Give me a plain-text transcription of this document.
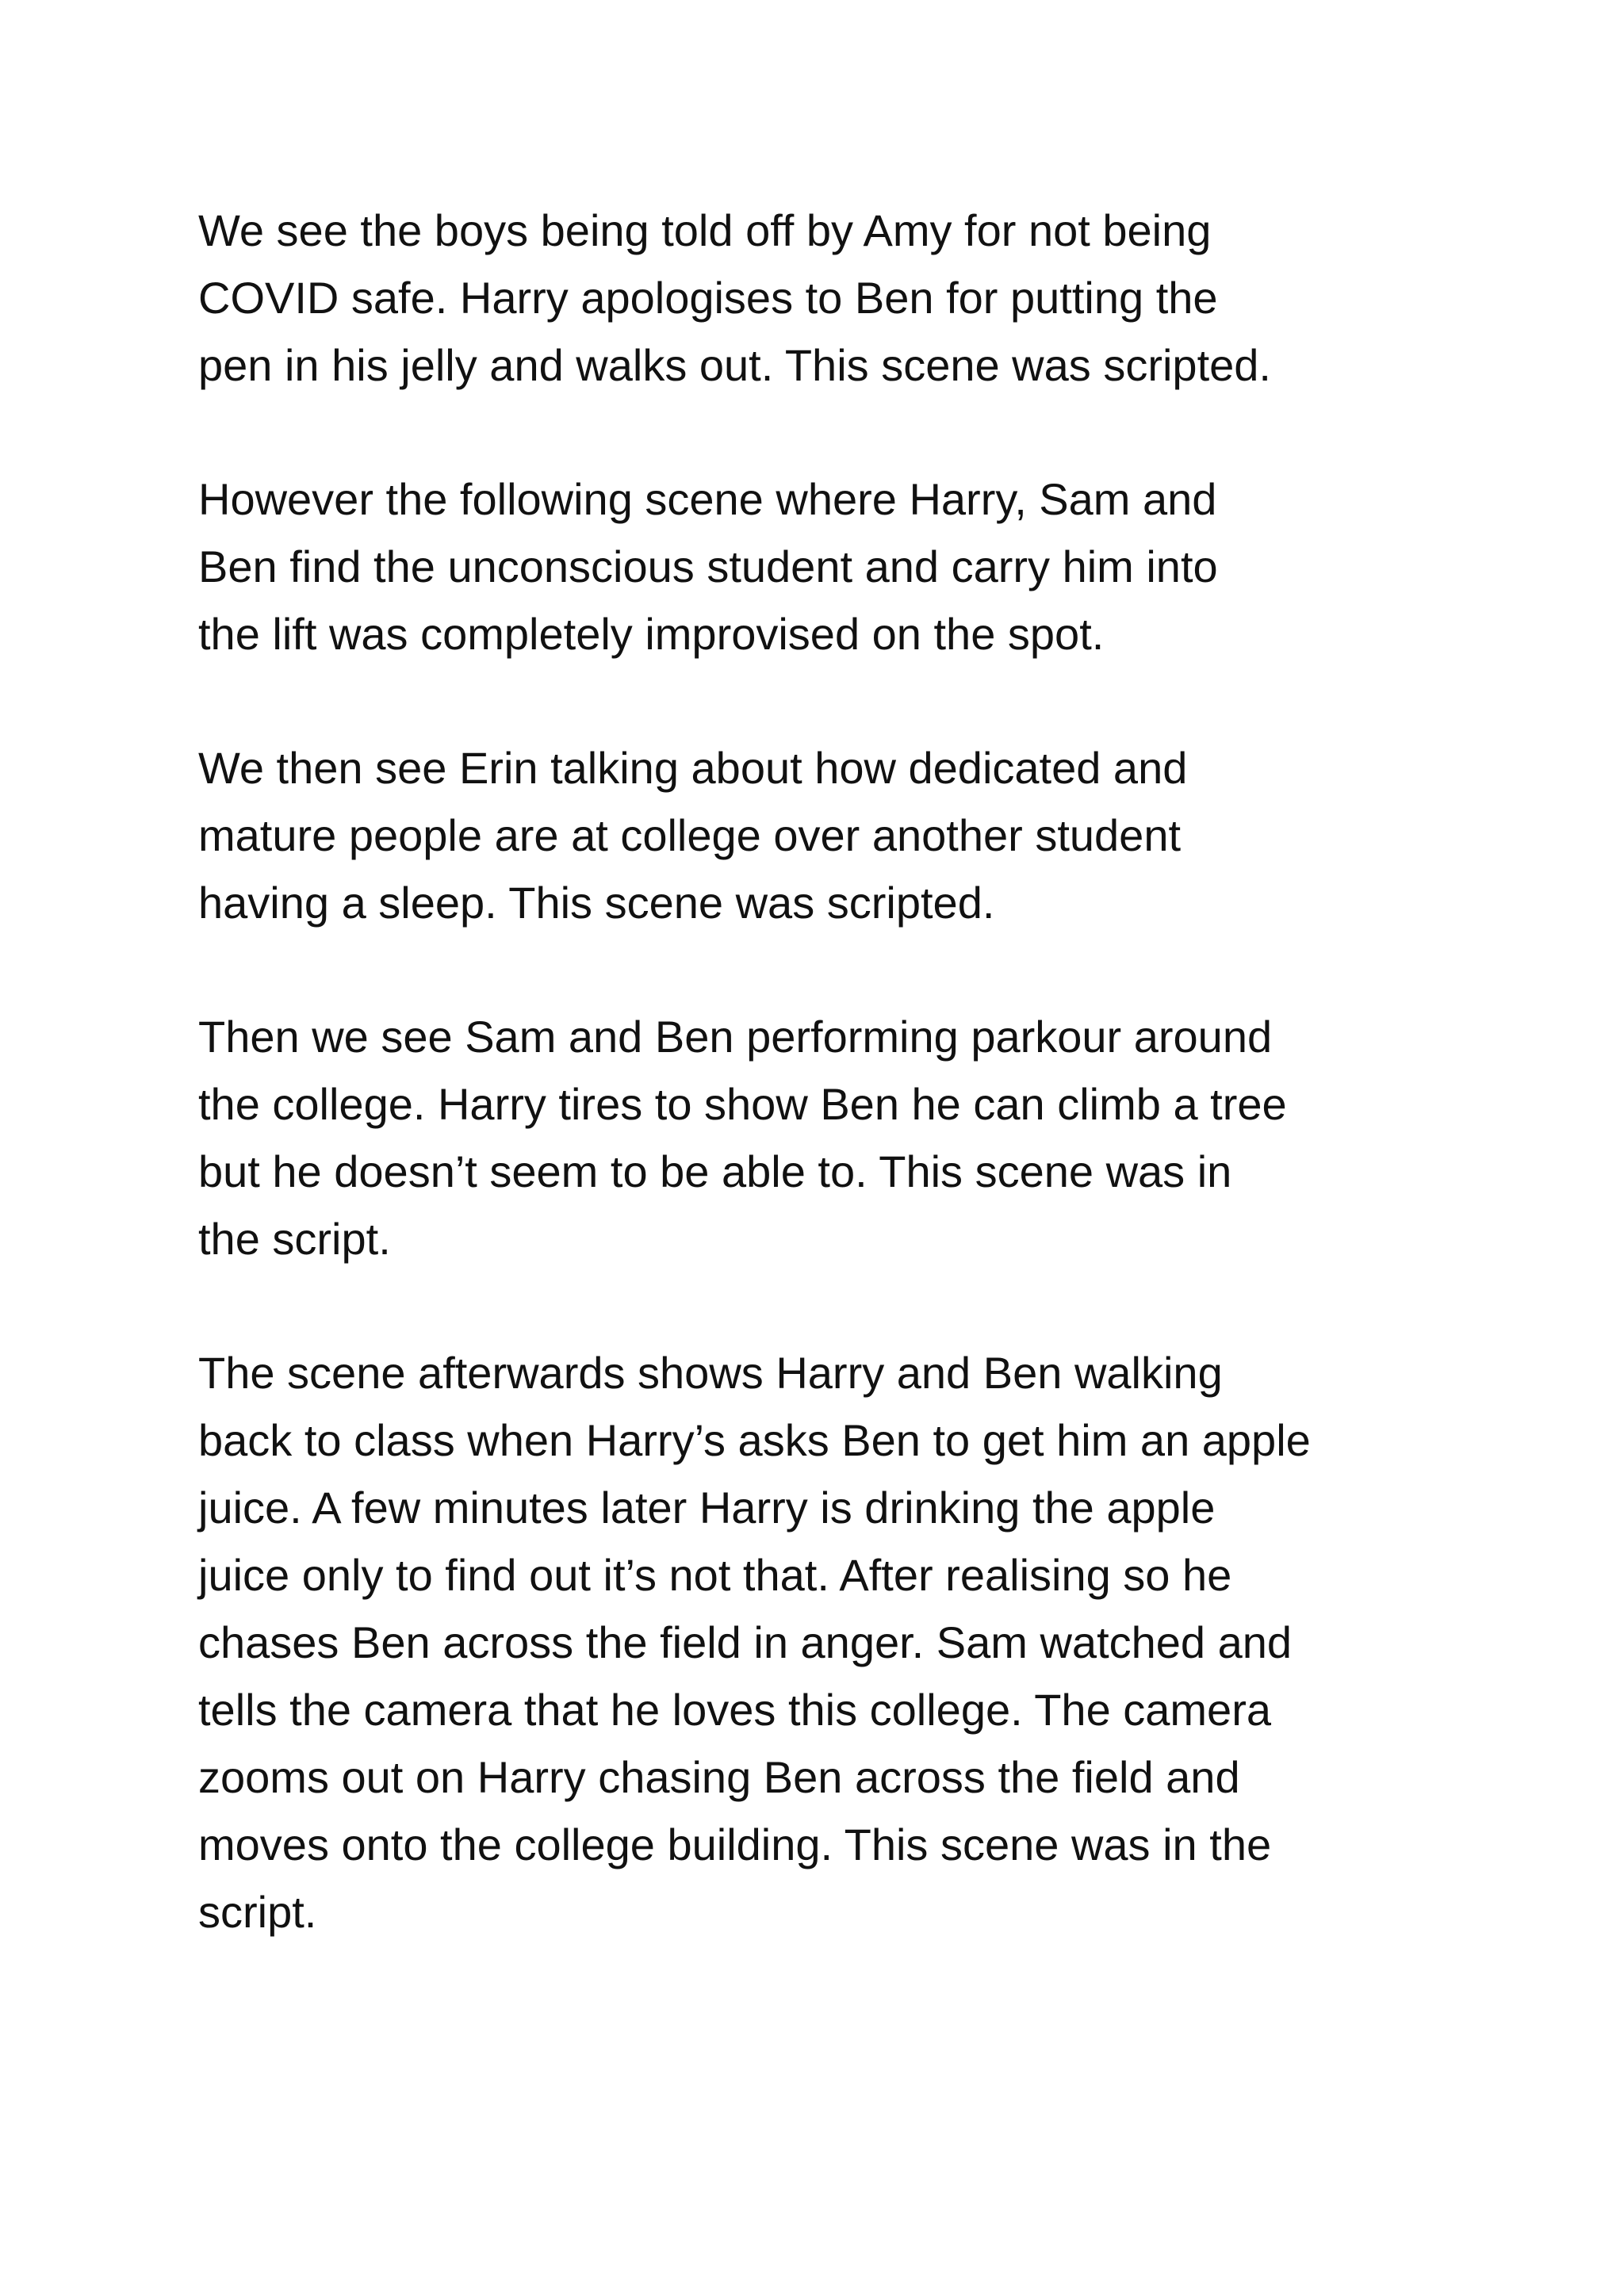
We see the boys being told off by Amy for not being
COVID safe. Harry apologises to Ben for putting the
pen in his jelly and walks out. This scene was scripted.

However the following scene where Harry, Sam and
Ben find the unconscious student and carry him into
the lift was completely improvised on the spot.

We then see Erin talking about how dedicated and
mature people are at college over another student
having a sleep. This scene was scripted.

Then we see Sam and Ben performing parkour around
the college. Harry tires to show Ben he can climb a tree
but he doesn’t seem to be able to. This scene was in
the script.

The scene afterwards shows Harry and Ben walking
back to class when Harry’s asks Ben to get him an apple
juice. A few minutes later Harry is drinking the apple
juice only to find out it’s not that. After realising so he
chases Ben across the field in anger. Sam watched and
tells the camera that he loves this college. The camera
zooms out on Harry chasing Ben across the field and
moves onto the college building. This scene was in the
script.
